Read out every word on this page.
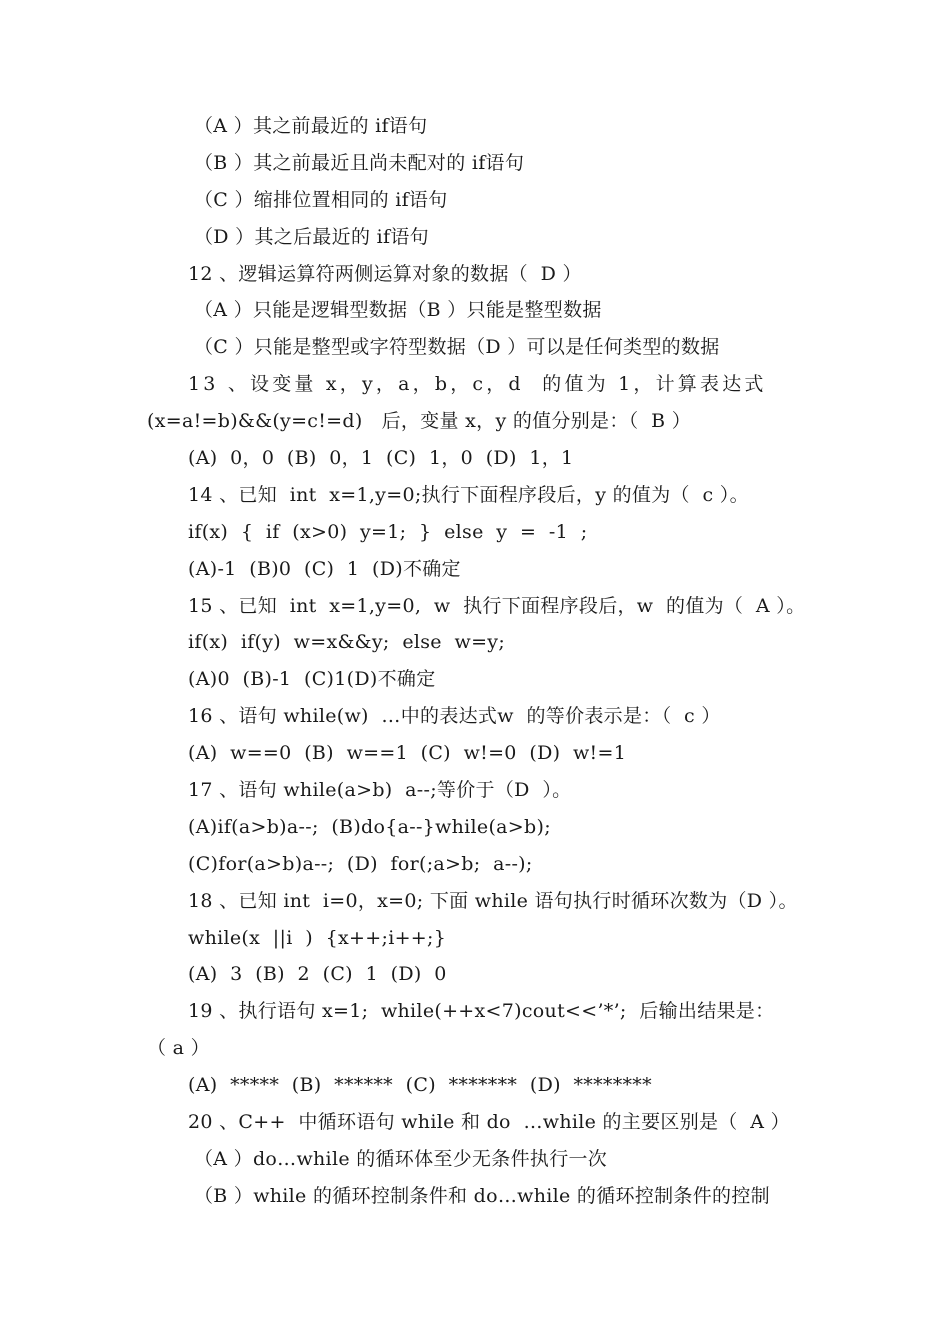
（A ）其之前最近的 if语句
（B ）其之前最近且尚未配对的 if语句
（C ）缩排位置相同的 if语句
（D ）其之后最近的 if语句
12 、逻辑运算符两侧运算对象的数据（  D ）
（A ）只能是逻辑型数据（B ）只能是整型数据
（C ）只能是整型或字符型数据（D ）可以是任何类型的数据
13 、设变量 x，y，a，b，c，d  的值为 1，计算表达式
(x=a!=b)&&(y=c!=d)   后，变量 x，y 的值分别是：（  B ）
(A)  0，0  (B)  0，1  (C)  1，0  (D)  1，1
14 、已知  int  x=1,y=0;执行下面程序段后，y 的值为（  c ）。
if(x)  {  if  (x>0)  y=1;  }  else  y  =  -1  ;
(A)-1  (B)0  (C)  1  (D)不确定
15 、已知  int  x=1,y=0,  w  执行下面程序段后，w  的值为（  A ）。
if(x)  if(y)  w=x&&y;  else  w=y;
(A)0  (B)-1  (C)1(D)不确定
16 、语句 while(w)  …中的表达式w  的等价表示是：（  c ）
(A)  w==0  (B)  w==1  (C)  w!=0  (D)  w!=1
17 、语句 while(a>b)  a--;等价于（D  ）。
(A)if(a>b)a--;  (B)do{a--}while(a>b);
(C)for(a>b)a--;  (D)  for(;a>b;  a--);
18 、已知 int  i=0，x=0; 下面 while 语句执行时循环次数为（D ）。
while(x  ||i  )  {x++;i++;}
(A)  3  (B)  2  (C)  1  (D)  0
19 、执行语句 x=1;  while(++x<7)cout<<’*’;  后输出结果是：
（ a ）
(A)  *****  (B)  ******  (C)  *******  (D)  ********
20 、C++  中循环语句 while 和 do  …while 的主要区别是（  A ）
（A ）do…while 的循环体至少无条件执行一次
（B ）while 的循环控制条件和 do…while 的循环控制条件的控制
